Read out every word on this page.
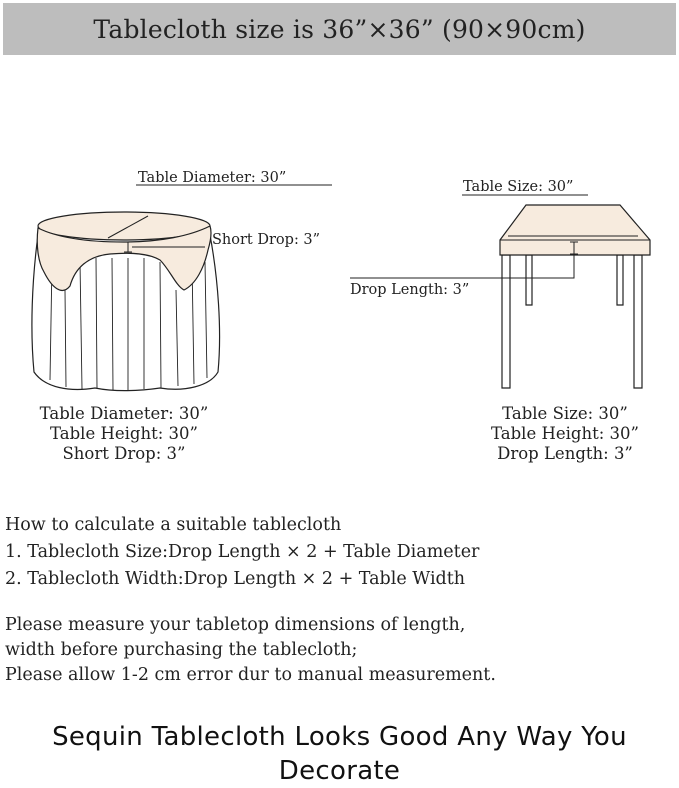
Tablecloth size is 36”×36” (90×90cm)
Table Diameter: 30”
Short Drop: 3”
Table Size: 30”
Drop Length: 3”
Table Diameter: 30”
Table Height: 30”
Short Drop: 3”
Table Size: 30”
Table Height: 30”
Drop Length: 3”
How to calculate a suitable tablecloth
1. Tablecloth Size:Drop Length × 2 + Table Diameter
2. Tablecloth Width:Drop Length × 2 + Table Width
Please measure your tabletop dimensions of length,
width before purchasing the tablecloth;
Please allow 1-2 cm error dur to manual measurement.
Sequin Tablecloth Looks Good Any Way You
Decorate
